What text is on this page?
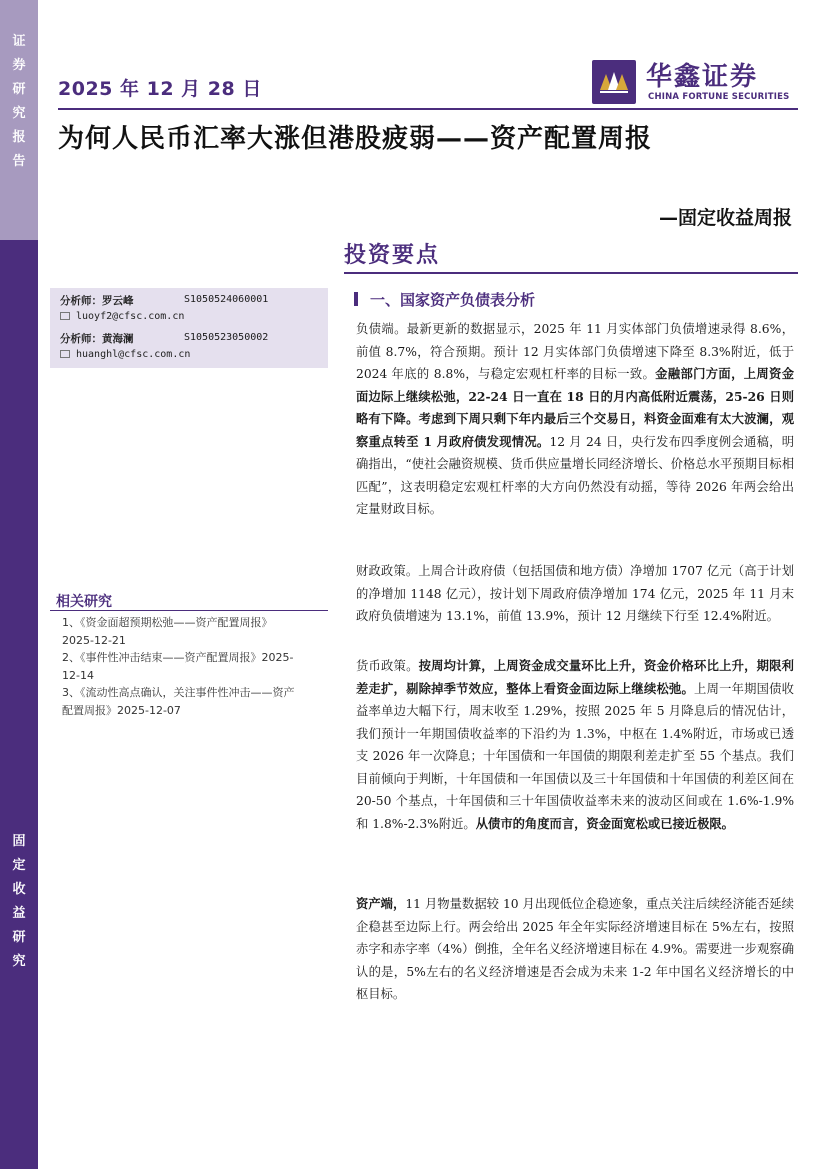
证
券
研
究
报
告
固
定
收
益
研
究
2025 年 12 月 28 日	华鑫证券
CHINA FORTUNE SECURITIES
为何人民币汇率大涨但港股疲弱——资产配置周报
—固定收益周报
投资要点
分析师：罗云峰	S1050524060001
luoyf2@cfsc.com.cn
分析师：黄海澜	S1050523050002
huanghl@cfsc.com.cn
相关研究
1、《资金面超预期松弛——资产配置周报》2025-12-21
2、《事件性冲击结束——资产配置周报》2025-12-14
3、《流动性高点确认，关注事件性冲击——资产配置周报》2025-12-07
一、国家资产负债表分析
负债端。最新更新的数据显示，2025 年 11 月实体部门负债增速录得 8.6%，前值 8.7%，符合预期。预计 12 月实体部门负债增速下降至 8.3%附近，低于 2024 年底的 8.8%，与稳定宏观杠杆率的目标一致。金融部门方面，上周资金面边际上继续松弛，22-24 日一直在 18 日的月内高低附近震荡，25-26 日则略有下降。考虑到下周只剩下年内最后三个交易日，料资金面难有太大波澜，观察重点转至 1 月政府债发现情况。12 月 24 日，央行发布四季度例会通稿，明确指出，“使社会融资规模、货币供应量增长同经济增长、价格总水平预期目标相匹配”，这表明稳定宏观杠杆率的大方向仍然没有动摇，等待 2026 年两会给出定量财政目标。
财政政策。上周合计政府债（包括国债和地方债）净增加 1707 亿元（高于计划的净增加 1148 亿元），按计划下周政府债净增加 174 亿元，2025 年 11 月末政府负债增速为 13.1%，前值 13.9%，预计 12 月继续下行至 12.4%附近。
货币政策。按周均计算，上周资金成交量环比上升，资金价格环比上升，期限利差走扩，剔除掉季节效应，整体上看资金面边际上继续松弛。上周一年期国债收益率单边大幅下行，周末收至 1.29%，按照 2025 年 5 月降息后的情况估计，我们预计一年期国债收益率的下沿约为 1.3%，中枢在 1.4%附近，市场或已透支 2026 年一次降息；十年国债和一年国债的期限利差走扩至 55 个基点。我们目前倾向于判断，十年国债和一年国债以及三十年国债和十年国债的利差区间在 20-50 个基点，十年国债和三十年国债收益率未来的波动区间或在 1.6%-1.9%和 1.8%-2.3%附近。从债市的角度而言，资金面宽松或已接近极限。
资产端，11 月物量数据较 10 月出现低位企稳迹象，重点关注后续经济能否延续企稳甚至边际上行。两会给出 2025 年全年实际经济增速目标在 5%左右，按照赤字和赤字率（4%）倒推，全年名义经济增速目标在 4.9%。需要进一步观察确认的是，5%左右的名义经济增速是否会成为未来 1-2 年中国名义经济增长的中枢目标。
